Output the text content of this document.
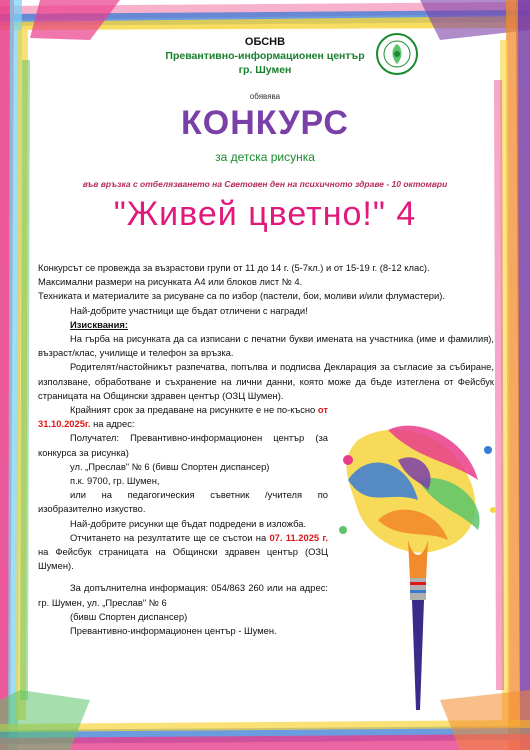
ОБСНВ

Превантивно-информационен център

гр. Шумен

обявява

КОНКУРС

за детска рисунка

във връзка с отбелязването на Световен ден на психичното здраве - 10 октомври

"Живей цветно!" 4

Конкурсът се провежда за възрастови групи от 11 до 14 г. (5-7кл.) и от 15-19 г. (8-12 клас).

Максимални размери на рисунката А4 или блоков лист № 4.

Техниката и материалите за рисуване са по избор (пастели, бои, моливи и/или флумастери).

Най-добрите участници ще бъдат отличени с награди!

Изисквания:

На гърба на рисунката да са изписани с печатни букви имената на участника (име и фамилия), възраст/клас, училище и телефон за връзка.

Родителят/настойникът разпечатва, попълва и подписва Декларация за съгласие за събиране, използване, обработване и съхранение на лични данни, която може да бъде изтеглена от Фейсбук страницата на Общински здравен център (ОЗЦ Шумен).

Крайният срок за предаване на рисунките е не по-късно от 31.10.2025г. на адрес:

Получател: Превантивно-информационен център (за конкурса за рисунка)

ул. „Преслав" № 6 (бивш Спортен диспансер)

п.к. 9700, гр. Шумен,

или на педагогическия съветник /учителя по изобразително изкуство.

Най-добрите рисунки ще бъдат подредени в изложба.

Отчитането на резултатите ще се състои на 07. 11.2025 г. на Фейсбук страницата на Общински здравен център (ОЗЦ Шумен).

За допълнителна информация: 054/863 260 или на адрес: гр. Шумен, ул. „Преслав" № 6

(бивш Спортен диспансер)

Превантивно-информационен център - Шумен.
